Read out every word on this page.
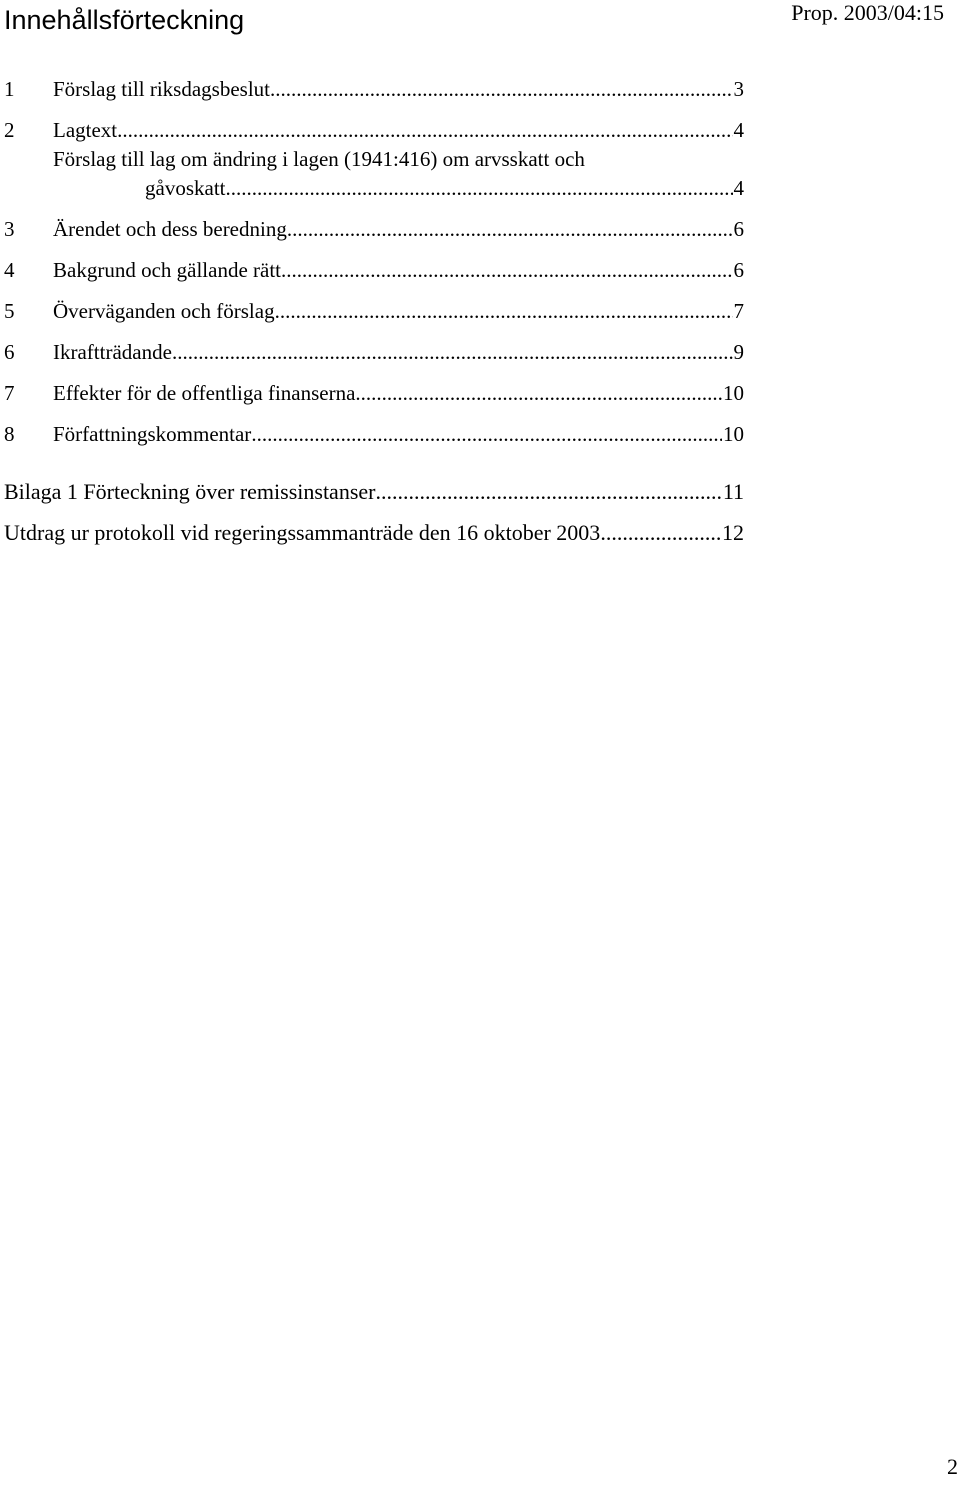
Innehållsförteckning	Prop. 2003/04:15
1 Förslag till riksdagsbeslut .....	3
2 Lagtext .....	4
Förslag till lag om ändring i lagen (1941:416) om arvsskatt och
gåvoskatt .....	4
3 Ärendet och dess beredning .....	6
4 Bakgrund och gällande rätt .....	6
5 Överväganden och förslag .....	7
6 Ikraftträdande .....	9
7 Effekter för de offentliga finanserna .....	10
8 Författningskommentar .....	10
Bilaga 1 Förteckning över remissinstanser .....	11
Utdrag ur protokoll vid regeringssammanträde den 16 oktober 2003 .....	12
2
